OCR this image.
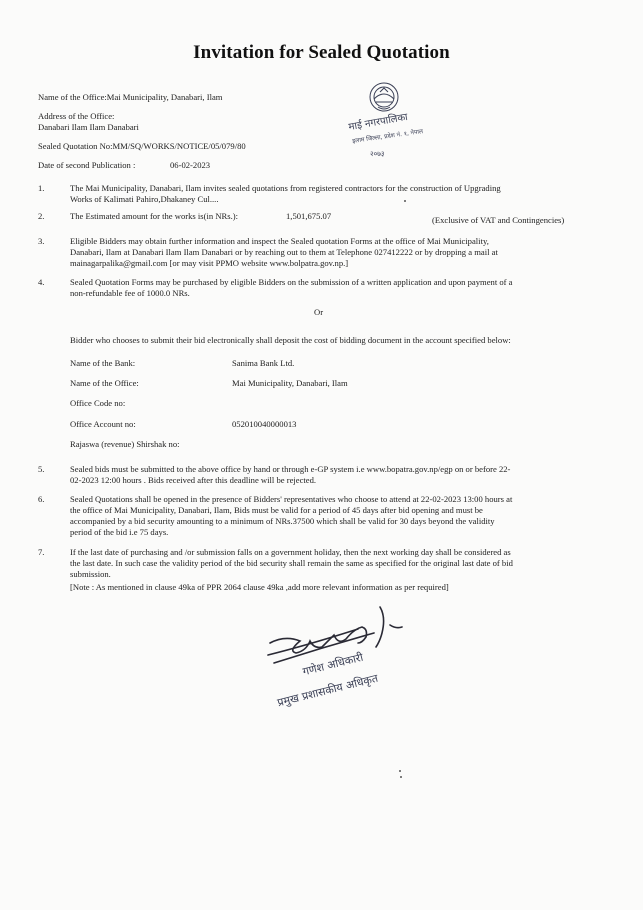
Invitation for Sealed Quotation
Name of the Office:Mai Municipality, Danabari, Ilam
Address of the Office:
Danabari Ilam Ilam Danabari
Sealed Quotation No:MM/SQ/WORKS/NOTICE/05/079/80
Date of second Publication :	06-02-2023
माई नगरपालिका
इलाम जिल्ला, प्रदेश नं. १, नेपाल
२०७३
1.	The Mai Municipality, Danabari, Ilam invites sealed quotations from registered contractors for the construction of Upgrading
Works of Kalimati Pahiro,Dhakaney Cul....
2.	The Estimated amount for the works is(in NRs.):	1,501,675.07	(Exclusive of VAT and Contingencies)
3.	Eligible Bidders may obtain further information and inspect the Sealed quotation Forms at the office of Mai Municipality,
Danabari, Ilam at Danabari Ilam Ilam Danabari or by reaching out to them at Telephone 027412222 or by dropping a mail at
mainagarpalika@gmail.com [or may visit PPMO website www.bolpatra.gov.np.]
4.	Sealed Quotation Forms may be purchased by eligible Bidders on the submission of a written application and upon payment of a
non-refundable fee of 1000.0 NRs.
Or
Bidder who chooses to submit their bid electronically shall deposit the cost of bidding document in the account specified below:
Name of the Bank:	Sanima Bank Ltd.
Name of the Office:	Mai Municipality, Danabari, Ilam
Office Code no:
Office Account no:	052010040000013
Rajaswa (revenue) Shirshak no:
5.	Sealed bids must be submitted to the above office by hand or through e-GP system i.e www.bopatra.gov.np/egp on or before 22-
02-2023 12:00 hours . Bids received after this deadline will be rejected.
6.	Sealed Quotations shall be opened in the presence of Bidders' representatives who choose to attend at 22-02-2023 13:00 hours at
the office of Mai Municipality, Danabari, Ilam, Bids must be valid for a period of 45 days after bid opening and must be
accompanied by a bid security amounting to a minimum of NRs.37500 which shall be valid for 30 days beyond the validity
period of the bid i.e 75 days.
7.	If the last date of purchasing and /or submission falls on a government holiday, then the next working day shall be considered as
the last date. In such case the validity period of the bid security shall remain the same as specified for the original last date of bid
submission.
[Note : As mentioned in clause 49ka of PPR 2064 clause 49ka ,add more relevant information as per required]
गणेश अधिकारी
प्रमुख प्रशासकीय अधिकृत
